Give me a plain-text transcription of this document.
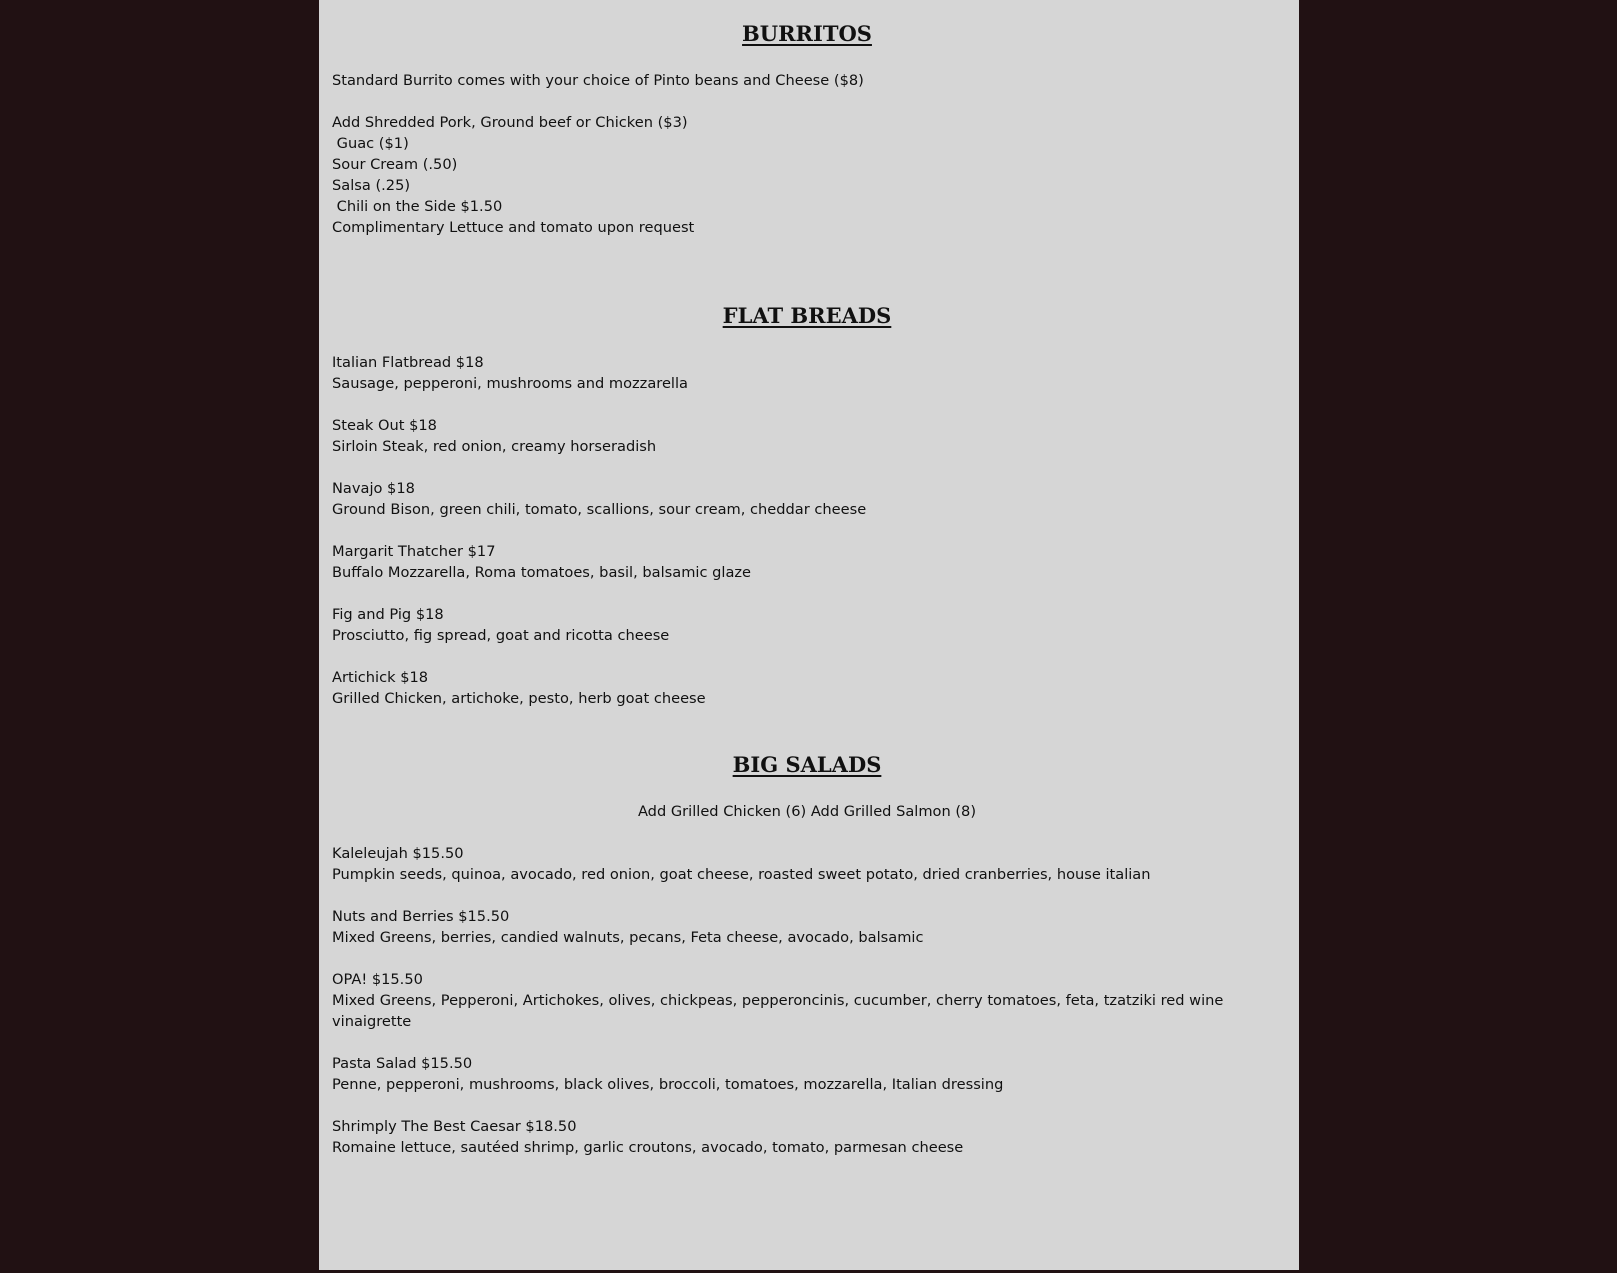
BURRITOS
Standard Burrito comes with your choice of Pinto beans and Cheese ($8)
Add Shredded Pork, Ground beef or Chicken ($3)
Guac ($1)
Sour Cream (.50)
Salsa (.25)
Chili on the Side $1.50
Complimentary Lettuce and tomato upon request
FLAT BREADS
Italian Flatbread $18
Sausage, pepperoni, mushrooms and mozzarella
Steak Out $18
Sirloin Steak, red onion, creamy horseradish
Navajo $18
Ground Bison, green chili, tomato, scallions, sour cream, cheddar cheese
Margarit Thatcher $17
Buffalo Mozzarella, Roma tomatoes, basil, balsamic glaze
Fig and Pig $18
Prosciutto, fig spread, goat and ricotta cheese
Artichick $18
Grilled Chicken, artichoke, pesto, herb goat cheese
BIG SALADS
Add Grilled Chicken (6) Add Grilled Salmon (8)
Kaleleujah $15.50
Pumpkin seeds, quinoa, avocado, red onion, goat cheese, roasted sweet potato, dried cranberries, house italian
Nuts and Berries $15.50
Mixed Greens, berries, candied walnuts, pecans, Feta cheese, avocado, balsamic
OPA! $15.50
Mixed Greens, Pepperoni, Artichokes, olives, chickpeas, pepperoncinis, cucumber, cherry tomatoes, feta, tzatziki red wine vinaigrette
Pasta Salad $15.50
Penne, pepperoni, mushrooms, black olives, broccoli, tomatoes, mozzarella, Italian dressing
Shrimply The Best Caesar $18.50
Romaine lettuce, sautéed shrimp, garlic croutons, avocado, tomato, parmesan cheese
